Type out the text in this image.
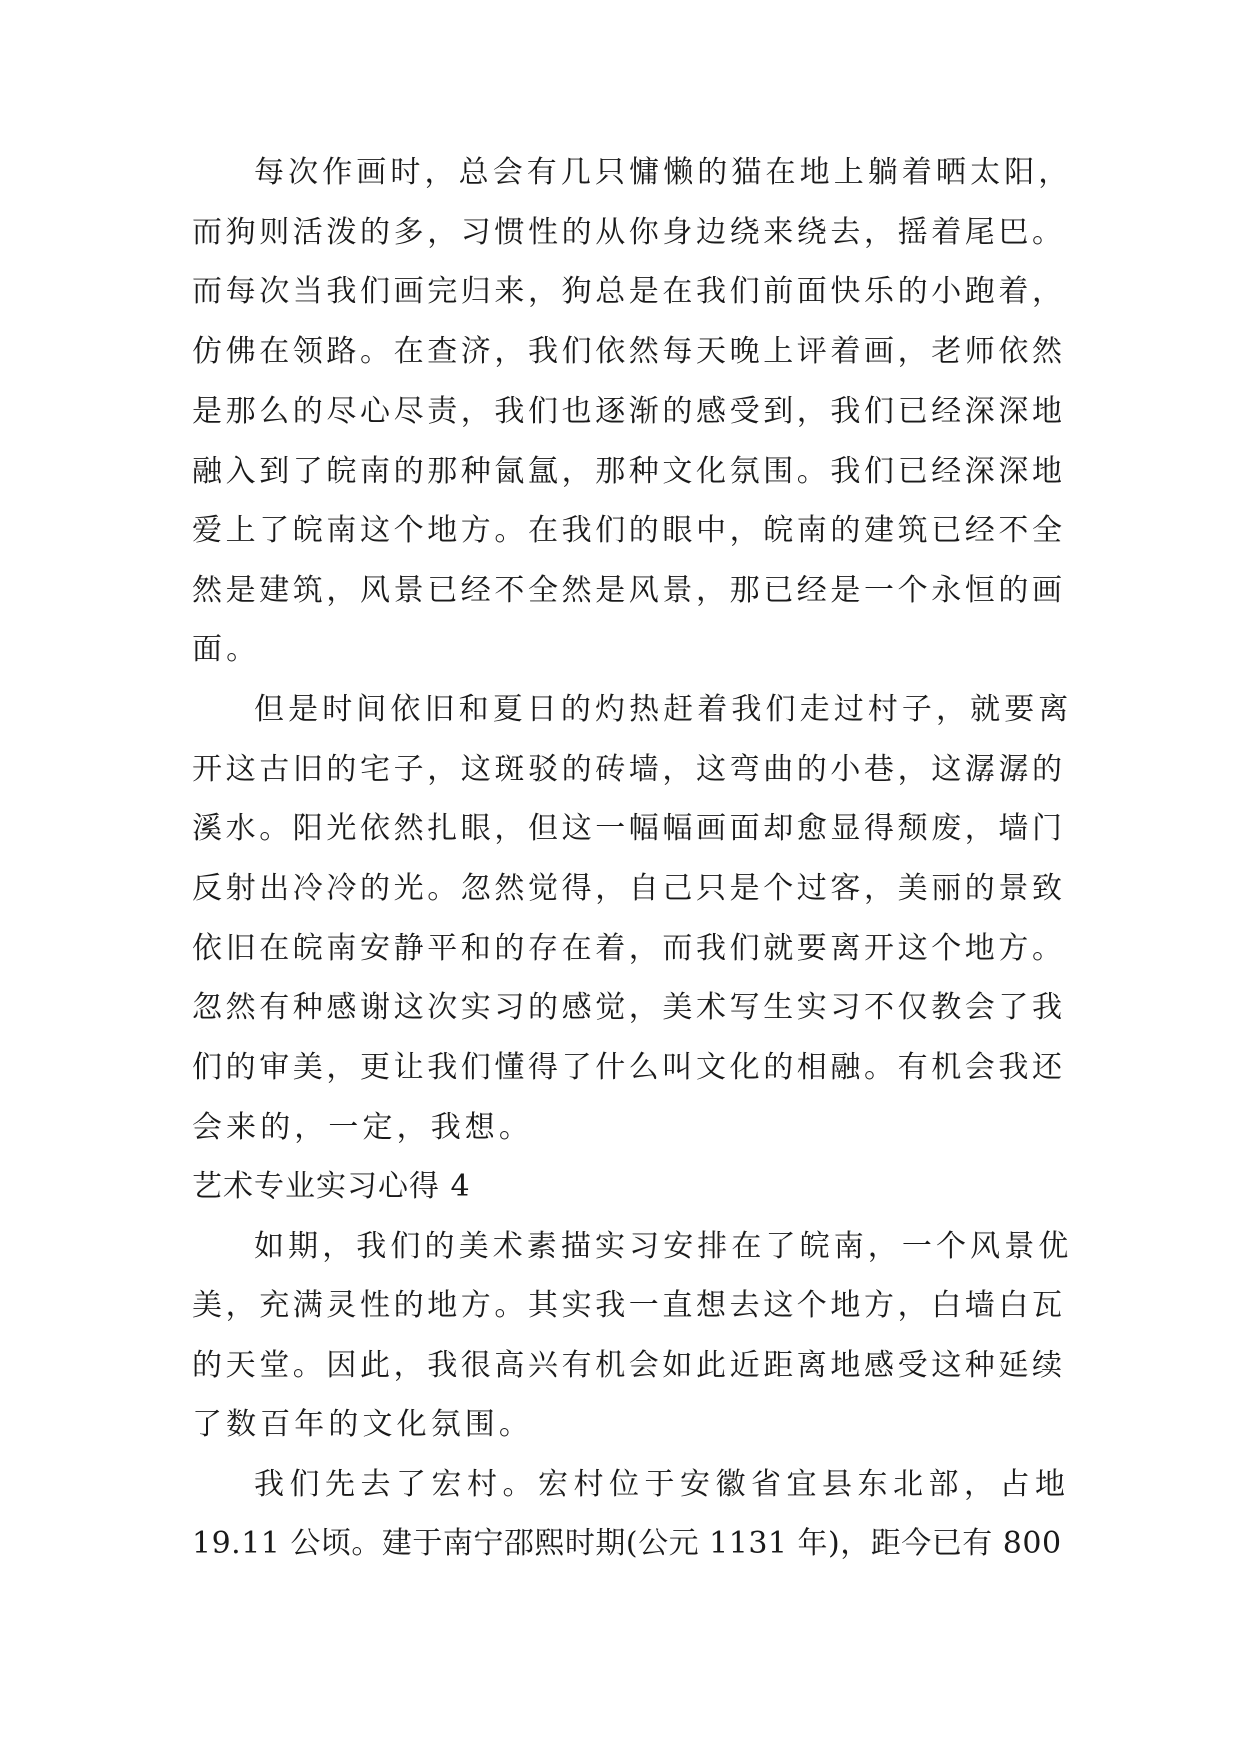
每次作画时，总会有几只慵懒的猫在地上躺着晒太阳，
而狗则活泼的多，习惯性的从你身边绕来绕去，摇着尾巴。
而每次当我们画完归来，狗总是在我们前面快乐的小跑着，
仿佛在领路。在查济，我们依然每天晚上评着画，老师依然
是那么的尽心尽责，我们也逐渐的感受到，我们已经深深地
融入到了皖南的那种氤氲，那种文化氛围。我们已经深深地
爱上了皖南这个地方。在我们的眼中，皖南的建筑已经不全
然是建筑，风景已经不全然是风景，那已经是一个永恒的画
面。
但是时间依旧和夏日的灼热赶着我们走过村子，就要离
开这古旧的宅子，这斑驳的砖墙，这弯曲的小巷，这潺潺的
溪水。阳光依然扎眼，但这一幅幅画面却愈显得颓废，墙门
反射出冷冷的光。忽然觉得，自己只是个过客，美丽的景致
依旧在皖南安静平和的存在着，而我们就要离开这个地方。
忽然有种感谢这次实习的感觉，美术写生实习不仅教会了我
们的审美，更让我们懂得了什么叫文化的相融。有机会我还
会来的，一定，我想。
艺术专业实习心得 4
如期，我们的美术素描实习安排在了皖南，一个风景优
美，充满灵性的地方。其实我一直想去这个地方，白墙白瓦
的天堂。因此，我很高兴有机会如此近距离地感受这种延续
了数百年的文化氛围。
我们先去了宏村。宏村位于安徽省宜县东北部，占地
19.11 公顷。建于南宁邵熙时期(公元 1131 年)，距今已有 800
